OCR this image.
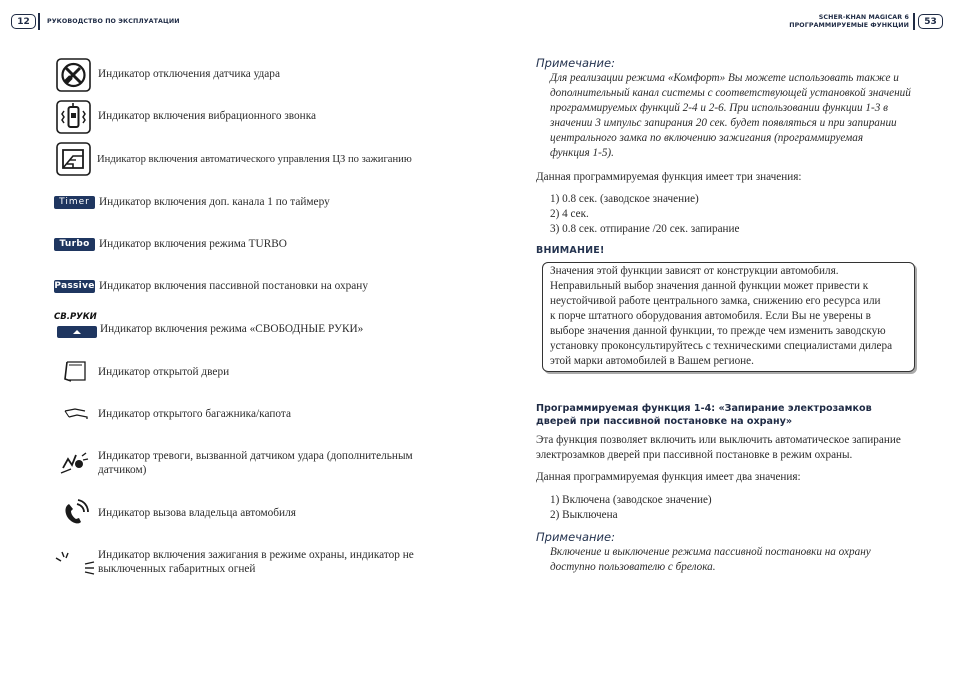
12	РУКОВОДСТВО ПО ЭКСПЛУАТАЦИИ
SCHER-KHAN MAGICAR 6
ПРОГРАММИРУЕМЫЕ ФУНКЦИИ	53
Индикатор отключения датчика удара
Индикатор включения вибрационного звонка
Индикатор включения автоматического управления ЦЗ по зажиганию
Timer Индикатор включения доп. канала 1 по таймеру
Turbo Индикатор включения режима TURBO
Passive Индикатор включения пассивной постановки на охрану
СВ.РУКИ
Индикатор включения режима «СВОБОДНЫЕ РУКИ»
Индикатор открытой двери
Индикатор открытого багажника/капота
Индикатор тревоги, вызванной датчиком удара (дополнительным датчиком)
Индикатор вызова владельца автомобиля
Индикатор включения зажигания в режиме охраны, индикатор не выключенных габаритных огней
Примечание:
Для реализации режима «Комфорт» Вы можете использовать также и
дополнительный канал системы с соответствующей установкой значений
программируемых функций 2-4 и 2-6. При использовании функции 1-3 в
значении 3 импульс запирания 20 сек. будет появляться и при запирании
центрального замка по включению зажигания (программируемая
функция 1-5).
Данная программируемая функция имеет три значения:
1) 0.8 сек. (заводское значение)
2) 4 сек.
3) 0.8 сек. отпирание /20 сек. запирание
ВНИМАНИЕ!
Значения этой функции зависят от конструкции автомобиля.
Неправильный выбор значения данной функции может привести к
неустойчивой работе центрального замка, снижению его ресурса или
к порче штатного оборудования автомобиля. Если Вы не уверены в
выборе значения данной функции, то прежде чем изменить заводскую
установку проконсультируйтесь с техническими специалистами дилера
этой марки автомобилей в Вашем регионе.
Программируемая функция 1-4: «Запирание электрозамков
дверей при пассивной постановке на охрану»
Эта функция позволяет включить или выключить автоматическое запирание
электрозамков дверей при пассивной постановке в режим охраны.
Данная программируемая функция имеет два значения:
1) Включена (заводское значение)
2) Выключена
Примечание:
Включение и выключение режима пассивной постановки на охрану
доступно пользователю с брелока.
